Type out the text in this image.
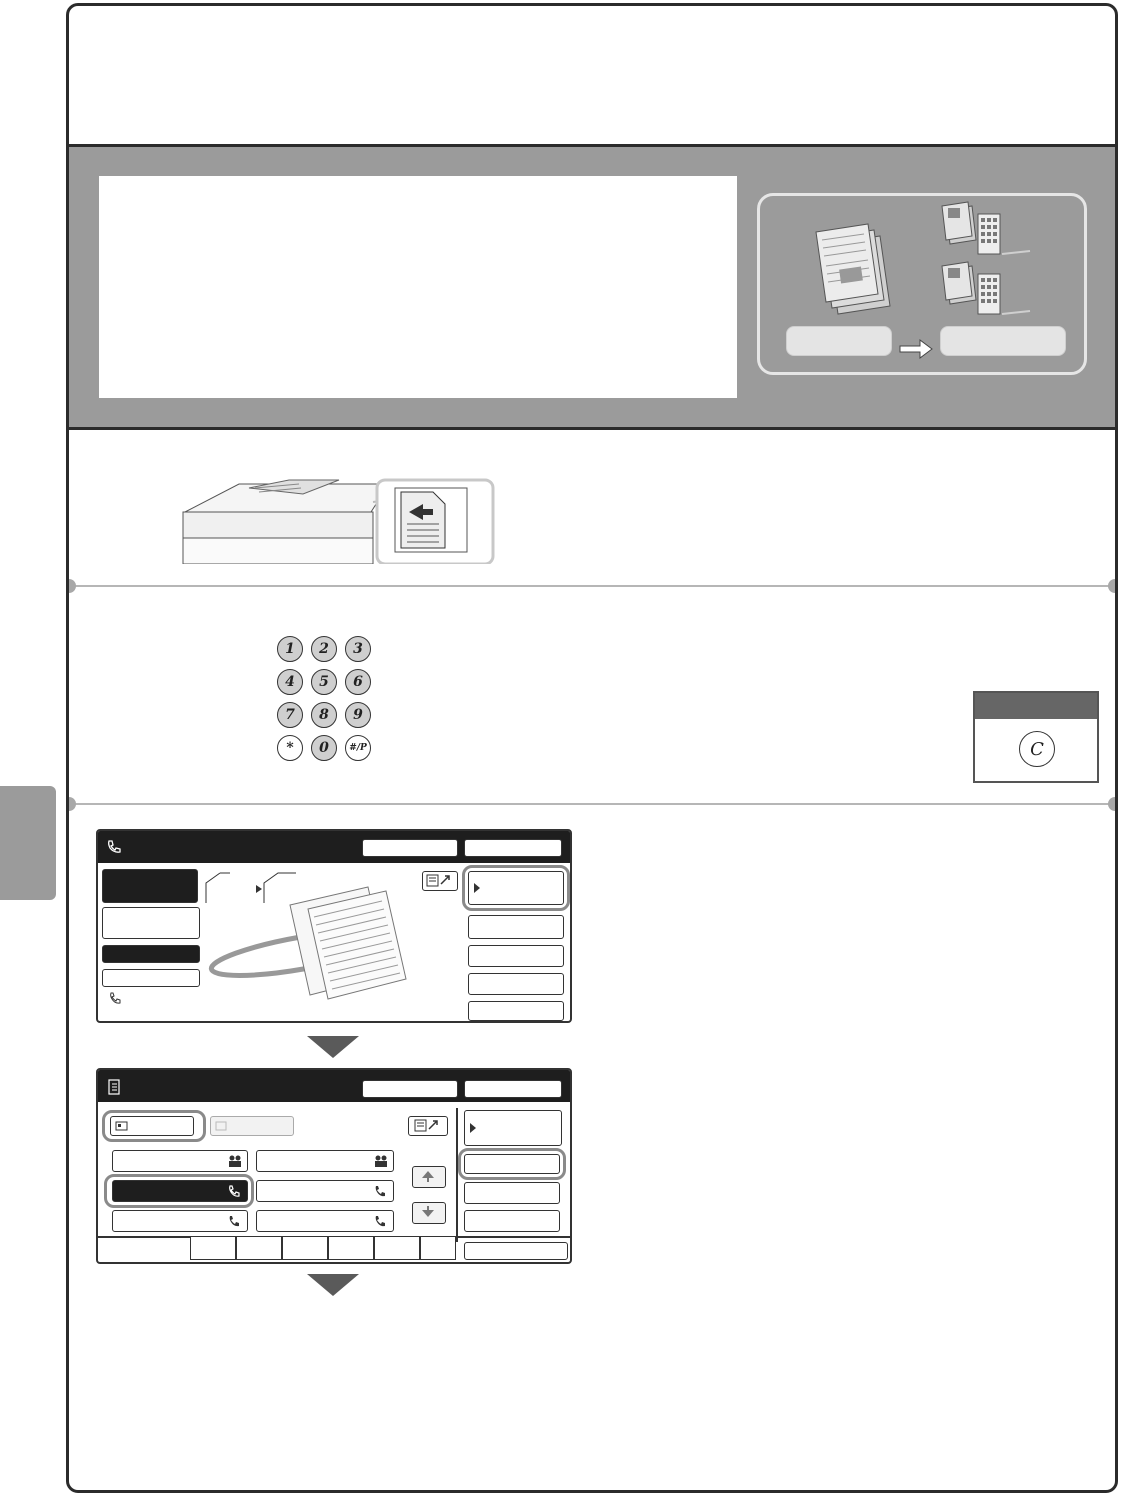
1	2	3
4	5	6
7	8	9
*	0	#/P	C
